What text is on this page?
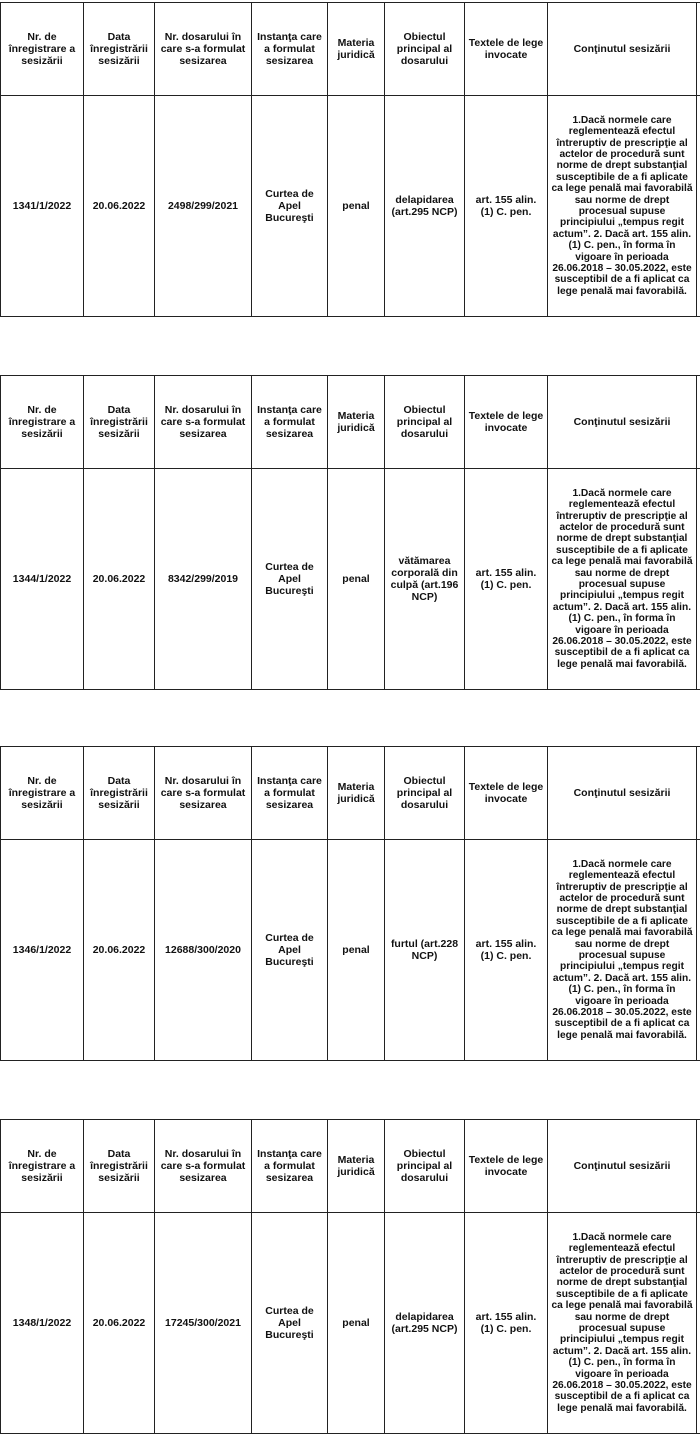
Nr. de înregistrare a sesizării	Data înregistrării sesizării	Nr. dosarului în care s-a formulat sesizarea	Instanţa care a formulat sesizarea	Materia juridică	Obiectul principal al dosarului	Textele de lege invocate	Conţinutul sesizării	
1341/1/2022	20.06.2022	2498/299/2021	Curtea de Apel Bucureşti	penal	delapidarea (art.295 NCP)	art. 155 alin. (1) C. pen.	1.Dacă normele care reglementează efectul întreruptiv de prescripţie al actelor de procedură sunt norme de drept substanţial susceptibile de a fi aplicate ca lege penală mai favorabilă sau norme de drept procesual supuse principiului „tempus regit actum”. 2. Dacă art. 155 alin. (1) C. pen., în forma în vigoare în perioada 26.06.2018 – 30.05.2022, este susceptibil de a fi aplicat ca lege penală mai favorabilă.	
Nr. de înregistrare a sesizării	Data înregistrării sesizării	Nr. dosarului în care s-a formulat sesizarea	Instanţa care a formulat sesizarea	Materia juridică	Obiectul principal al dosarului	Textele de lege invocate	Conţinutul sesizării	
1344/1/2022	20.06.2022	8342/299/2019	Curtea de Apel Bucureşti	penal	vătămarea corporală din culpă (art.196 NCP)	art. 155 alin. (1) C. pen.	1.Dacă normele care reglementează efectul întreruptiv de prescripţie al actelor de procedură sunt norme de drept substanţial susceptibile de a fi aplicate ca lege penală mai favorabilă sau norme de drept procesual supuse principiului „tempus regit actum”. 2. Dacă art. 155 alin. (1) C. pen., în forma în vigoare în perioada 26.06.2018 – 30.05.2022, este susceptibil de a fi aplicat ca lege penală mai favorabilă.	
Nr. de înregistrare a sesizării	Data înregistrării sesizării	Nr. dosarului în care s-a formulat sesizarea	Instanţa care a formulat sesizarea	Materia juridică	Obiectul principal al dosarului	Textele de lege invocate	Conţinutul sesizării	
1346/1/2022	20.06.2022	12688/300/2020	Curtea de Apel Bucureşti	penal	furtul (art.228 NCP)	art. 155 alin. (1) C. pen.	1.Dacă normele care reglementează efectul întreruptiv de prescripţie al actelor de procedură sunt norme de drept substanţial susceptibile de a fi aplicate ca lege penală mai favorabilă sau norme de drept procesual supuse principiului „tempus regit actum”. 2. Dacă art. 155 alin. (1) C. pen., în forma în vigoare în perioada 26.06.2018 – 30.05.2022, este susceptibil de a fi aplicat ca lege penală mai favorabilă.	
Nr. de înregistrare a sesizării	Data înregistrării sesizării	Nr. dosarului în care s-a formulat sesizarea	Instanţa care a formulat sesizarea	Materia juridică	Obiectul principal al dosarului	Textele de lege invocate	Conţinutul sesizării	
1348/1/2022	20.06.2022	17245/300/2021	Curtea de Apel Bucureşti	penal	delapidarea (art.295 NCP)	art. 155 alin. (1) C. pen.	1.Dacă normele care reglementează efectul întreruptiv de prescripţie al actelor de procedură sunt norme de drept substanţial susceptibile de a fi aplicate ca lege penală mai favorabilă sau norme de drept procesual supuse principiului „tempus regit actum”. 2. Dacă art. 155 alin. (1) C. pen., în forma în vigoare în perioada 26.06.2018 – 30.05.2022, este susceptibil de a fi aplicat ca lege penală mai favorabilă.	
